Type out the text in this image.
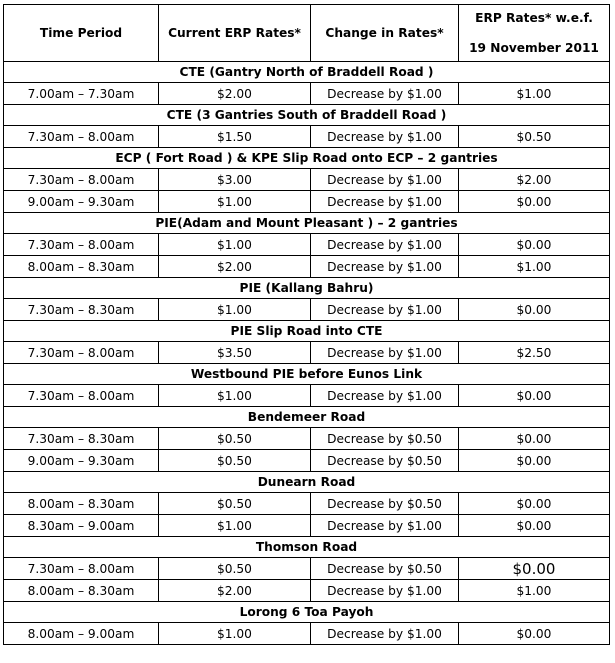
Time Period	Current ERP Rates*	Change in Rates*	ERP Rates* w.e.f.
19 November 2011
CTE (Gantry North of Braddell Road )			
7.00am – 7.30am	$2.00	Decrease by $1.00	$1.00
CTE (3 Gantries South of Braddell Road )			
7.30am – 8.00am	$1.50	Decrease by $1.00	$0.50
ECP ( Fort Road ) & KPE Slip Road onto ECP – 2 gantries			
7.30am – 8.00am	$3.00	Decrease by $1.00	$2.00
9.00am – 9.30am	$1.00	Decrease by $1.00	$0.00
PIE(Adam and Mount Pleasant ) – 2 gantries			
7.30am – 8.00am	$1.00	Decrease by $1.00	$0.00
8.00am – 8.30am	$2.00	Decrease by $1.00	$1.00
PIE (Kallang Bahru)			
7.30am – 8.30am	$1.00	Decrease by $1.00	$0.00
PIE Slip Road into CTE			
7.30am – 8.00am	$3.50	Decrease by $1.00	$2.50
Westbound PIE before Eunos Link			
7.30am – 8.00am	$1.00	Decrease by $1.00	$0.00
Bendemeer Road			
7.30am – 8.30am	$0.50	Decrease by $0.50	$0.00
9.00am – 9.30am	$0.50	Decrease by $0.50	$0.00
Dunearn Road			
8.00am – 8.30am	$0.50	Decrease by $0.50	$0.00
8.30am – 9.00am	$1.00	Decrease by $1.00	$0.00
Thomson Road			
7.30am – 8.00am	$0.50	Decrease by $0.50	$0.00
8.00am – 8.30am	$2.00	Decrease by $1.00	$1.00
Lorong 6 Toa Payoh			
8.00am – 9.00am	$1.00	Decrease by $1.00	$0.00
